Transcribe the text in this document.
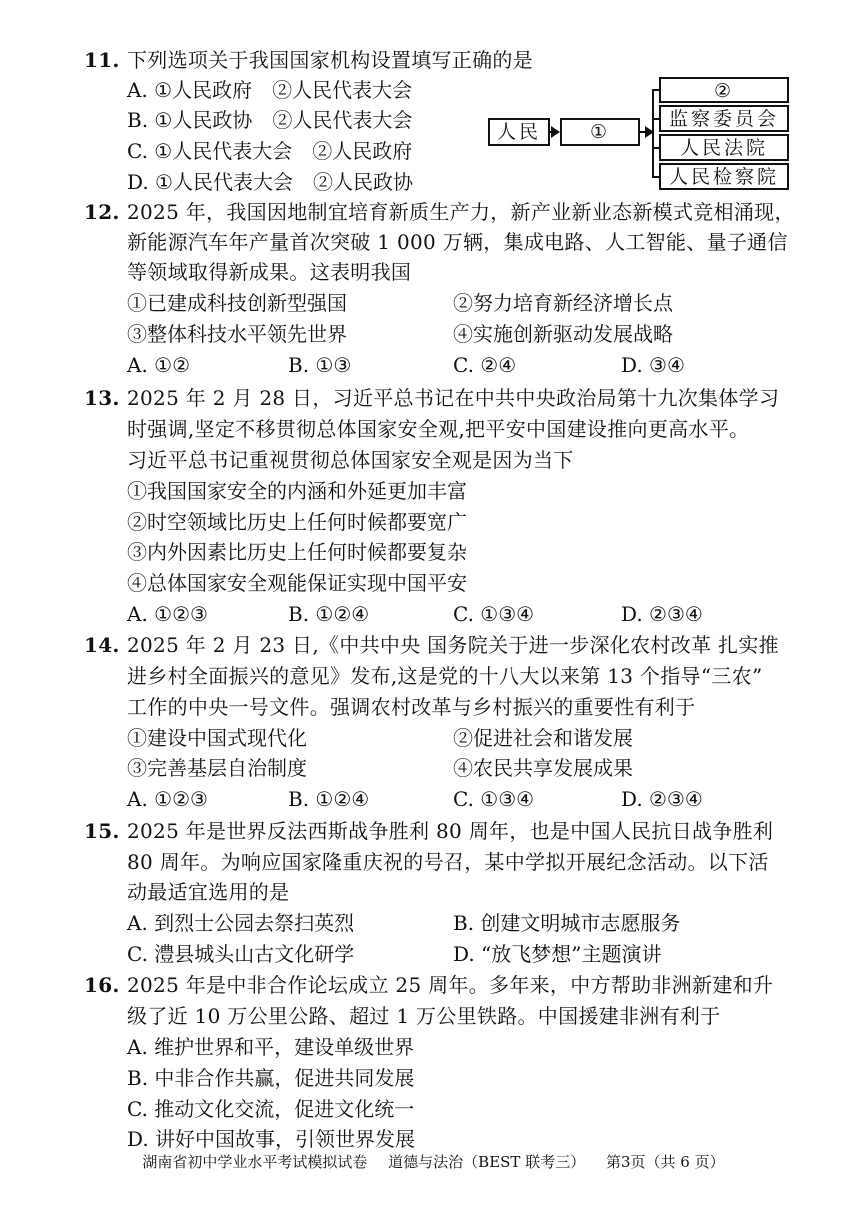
11. 下列选项关于我国国家机构设置填写正确的是
A. ①人民政府　②人民代表大会
B. ①人民政协　②人民代表大会
C. ①人民代表大会　②人民政府
D. ①人民代表大会　②人民政协
人民	①
②
监察委员会
人民法院
人民检察院
12. 2025 年，我国因地制宜培育新质生产力，新产业新业态新模式竞相涌现，
新能源汽车年产量首次突破 1 000 万辆，集成电路、人工智能、量子通信
等领域取得新成果。这表明我国
①已建成科技创新型强国	②努力培育新经济增长点
③整体科技水平领先世界	④实施创新驱动发展战略
A. ①②	B. ①③	C. ②④	D. ③④
13. 2025 年 2 月 28 日，习近平总书记在中共中央政治局第十九次集体学习
时强调,坚定不移贯彻总体国家安全观,把平安中国建设推向更高水平。
习近平总书记重视贯彻总体国家安全观是因为当下
①我国国家安全的内涵和外延更加丰富
②时空领域比历史上任何时候都要宽广
③内外因素比历史上任何时候都要复杂
④总体国家安全观能保证实现中国平安
A. ①②③	B. ①②④	C. ①③④	D. ②③④
14. 2025 年 2 月 23 日,《中共中央 国务院关于进一步深化农村改革 扎实推
进乡村全面振兴的意见》发布,这是党的十八大以来第 13 个指导“三农”
工作的中央一号文件。强调农村改革与乡村振兴的重要性有利于
①建设中国式现代化	②促进社会和谐发展
③完善基层自治制度	④农民共享发展成果
A. ①②③	B. ①②④	C. ①③④	D. ②③④
15. 2025 年是世界反法西斯战争胜利 80 周年，也是中国人民抗日战争胜利
80 周年。为响应国家隆重庆祝的号召，某中学拟开展纪念活动。以下活
动最适宜选用的是
A. 到烈士公园去祭扫英烈	B. 创建文明城市志愿服务
C. 澧县城头山古文化研学	D. “放飞梦想”主题演讲
16. 2025 年是中非合作论坛成立 25 周年。多年来，中方帮助非洲新建和升
级了近 10 万公里公路、超过 1 万公里铁路。中国援建非洲有利于
A. 维护世界和平，建设单级世界
B. 中非合作共赢，促进共同发展
C. 推动文化交流，促进文化统一
D. 讲好中国故事，引领世界发展
湖南省初中学业水平考试模拟试卷 道德与法治（BEST 联考三） 第3页（共 6 页）
